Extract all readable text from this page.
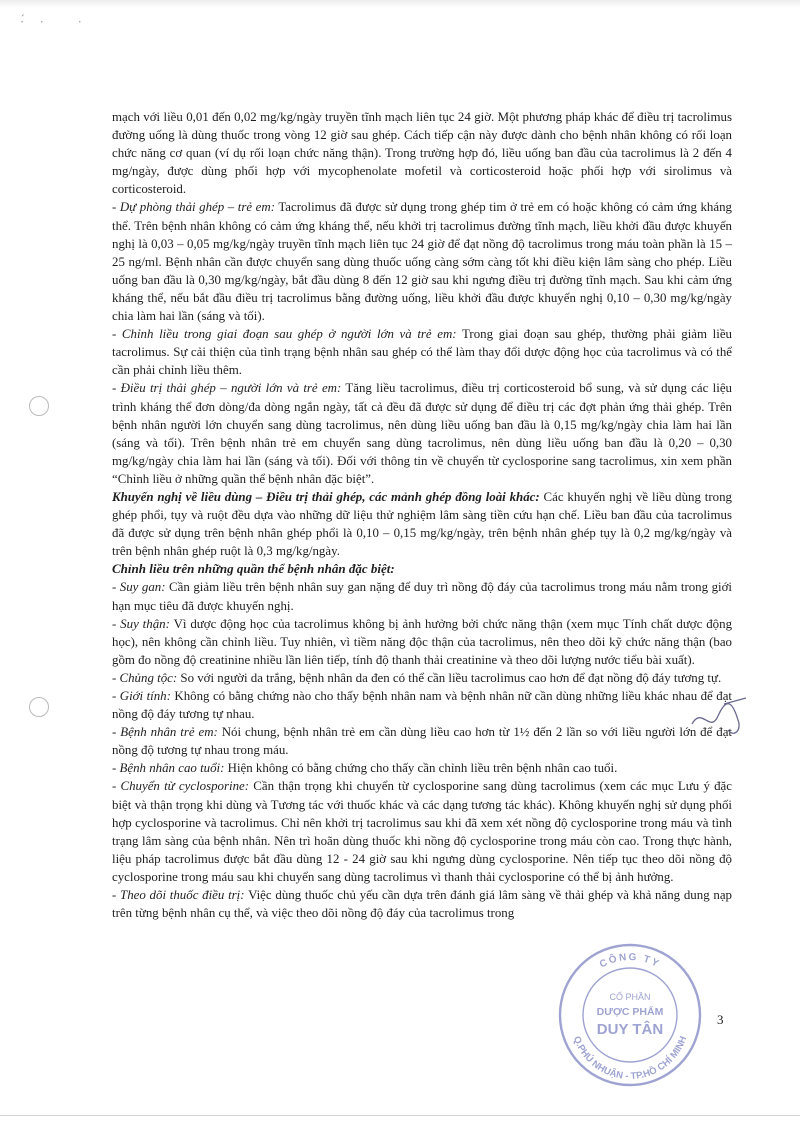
·́ ·   ·

mạch với liều 0,01 đến 0,02 mg/kg/ngày truyền tĩnh mạch liên tục 24 giờ. Một phương pháp khác để điều trị tacrolimus đường uống là dùng thuốc trong vòng 12 giờ sau ghép. Cách tiếp cận này được dành cho bệnh nhân không có rối loạn chức năng cơ quan (ví dụ rối loạn chức năng thận). Trong trường hợp đó, liều uống ban đầu của tacrolimus là 2 đến 4 mg/ngày, được dùng phối hợp với mycophenolate mofetil và corticosteroid hoặc phối hợp với sirolimus và corticosteroid.

- Dự phòng thải ghép – trẻ em: Tacrolimus đã được sử dụng trong ghép tim ở trẻ em có hoặc không có cảm ứng kháng thể. Trên bệnh nhân không có cảm ứng kháng thể, nếu khởi trị tacrolimus đường tĩnh mạch, liều khởi đầu được khuyến nghị là 0,03 – 0,05 mg/kg/ngày truyền tĩnh mạch liên tục 24 giờ để đạt nồng độ tacrolimus trong máu toàn phần là 15 – 25 ng/ml. Bệnh nhân cần được chuyển sang dùng thuốc uống càng sớm càng tốt khi điều kiện lâm sàng cho phép. Liều uống ban đầu là 0,30 mg/kg/ngày, bắt đầu dùng 8 đến 12 giờ sau khi ngưng điều trị đường tĩnh mạch. Sau khi cảm ứng kháng thể, nếu bắt đầu điều trị tacrolimus bằng đường uống, liều khởi đầu được khuyến nghị 0,10 – 0,30 mg/kg/ngày chia làm hai lần (sáng và tối).

- Chỉnh liều trong giai đoạn sau ghép ở người lớn và trẻ em: Trong giai đoạn sau ghép, thường phải giảm liều tacrolimus. Sự cải thiện của tình trạng bệnh nhân sau ghép có thể làm thay đổi dược động học của tacrolimus và có thể cần phải chỉnh liều thêm.

- Điều trị thải ghép – người lớn và trẻ em: Tăng liều tacrolimus, điều trị corticosteroid bổ sung, và sử dụng các liệu trình kháng thể đơn dòng/đa dòng ngắn ngày, tất cả đều đã được sử dụng để điều trị các đợt phản ứng thải ghép. Trên bệnh nhân người lớn chuyển sang dùng tacrolimus, nên dùng liều uống ban đầu là 0,15 mg/kg/ngày chia làm hai lần (sáng và tối). Trên bệnh nhân trẻ em chuyển sang dùng tacrolimus, nên dùng liều uống ban đầu là 0,20 – 0,30 mg/kg/ngày chia làm hai lần (sáng và tối). Đối với thông tin về chuyển từ cyclosporine sang tacrolimus, xin xem phần “Chỉnh liều ở những quần thể bệnh nhân đặc biệt”.

Khuyến nghị về liều dùng – Điều trị thải ghép, các mảnh ghép đồng loài khác: Các khuyến nghị về liều dùng trong ghép phổi, tụy và ruột đều dựa vào những dữ liệu thử nghiệm lâm sàng tiền cứu hạn chế. Liều ban đầu của tacrolimus đã được sử dụng trên bệnh nhân ghép phổi là 0,10 – 0,15 mg/kg/ngày, trên bệnh nhân ghép tụy là 0,2 mg/kg/ngày và trên bệnh nhân ghép ruột là 0,3 mg/kg/ngày.

Chỉnh liều trên những quần thể bệnh nhân đặc biệt:

- Suy gan: Cần giảm liều trên bệnh nhân suy gan nặng để duy trì nồng độ đáy của tacrolimus trong máu nằm trong giới hạn mục tiêu đã được khuyến nghị.

- Suy thận: Vì dược động học của tacrolimus không bị ảnh hưởng bởi chức năng thận (xem mục Tính chất dược động học), nên không cần chỉnh liều. Tuy nhiên, vì tiềm năng độc thận của tacrolimus, nên theo dõi kỹ chức năng thận (bao gồm đo nồng độ creatinine nhiều lần liên tiếp, tính độ thanh thải creatinine và theo dõi lượng nước tiểu bài xuất).

- Chủng tộc: So với người da trắng, bệnh nhân da đen có thể cần liều tacrolimus cao hơn để đạt nồng độ đáy tương tự.

- Giới tính: Không có bằng chứng nào cho thấy bệnh nhân nam và bệnh nhân nữ cần dùng những liều khác nhau để đạt nồng độ đáy tương tự nhau.

- Bệnh nhân trẻ em: Nói chung, bệnh nhân trẻ em cần dùng liều cao hơn từ 1½ đến 2 lần so với liều người lớn để đạt nồng độ tương tự nhau trong máu.

- Bệnh nhân cao tuổi: Hiện không có bằng chứng cho thấy cần chỉnh liều trên bệnh nhân cao tuổi.

- Chuyển từ cyclosporine: Cần thận trọng khi chuyển từ cyclosporine sang dùng tacrolimus (xem các mục Lưu ý đặc biệt và thận trọng khi dùng và Tương tác với thuốc khác và các dạng tương tác khác). Không khuyến nghị sử dụng phối hợp cyclosporine và tacrolimus. Chỉ nên khởi trị tacrolimus sau khi đã xem xét nồng độ cyclosporine trong máu và tình trạng lâm sàng của bệnh nhân. Nên trì hoãn dùng thuốc khi nồng độ cyclosporine trong máu còn cao. Trong thực hành, liệu pháp tacrolimus được bắt đầu dùng 12 - 24 giờ sau khi ngưng dùng cyclosporine. Nên tiếp tục theo dõi nồng độ cyclosporine trong máu sau khi chuyển sang dùng tacrolimus vì thanh thải cyclosporine có thể bị ảnh hưởng.

- Theo dõi thuốc điều trị: Việc dùng thuốc chủ yếu cần dựa trên đánh giá lâm sàng về thải ghép và khả năng dung nạp trên từng bệnh nhân cụ thể, và việc theo dõi nồng độ đáy của tacrolimus trong

CÔNG TY
Q.PHÚ NHUẬN - TP.HỒ CHÍ MINH
CỔ PHẦN
DƯỢC PHẨM
DUY TÂN
3
